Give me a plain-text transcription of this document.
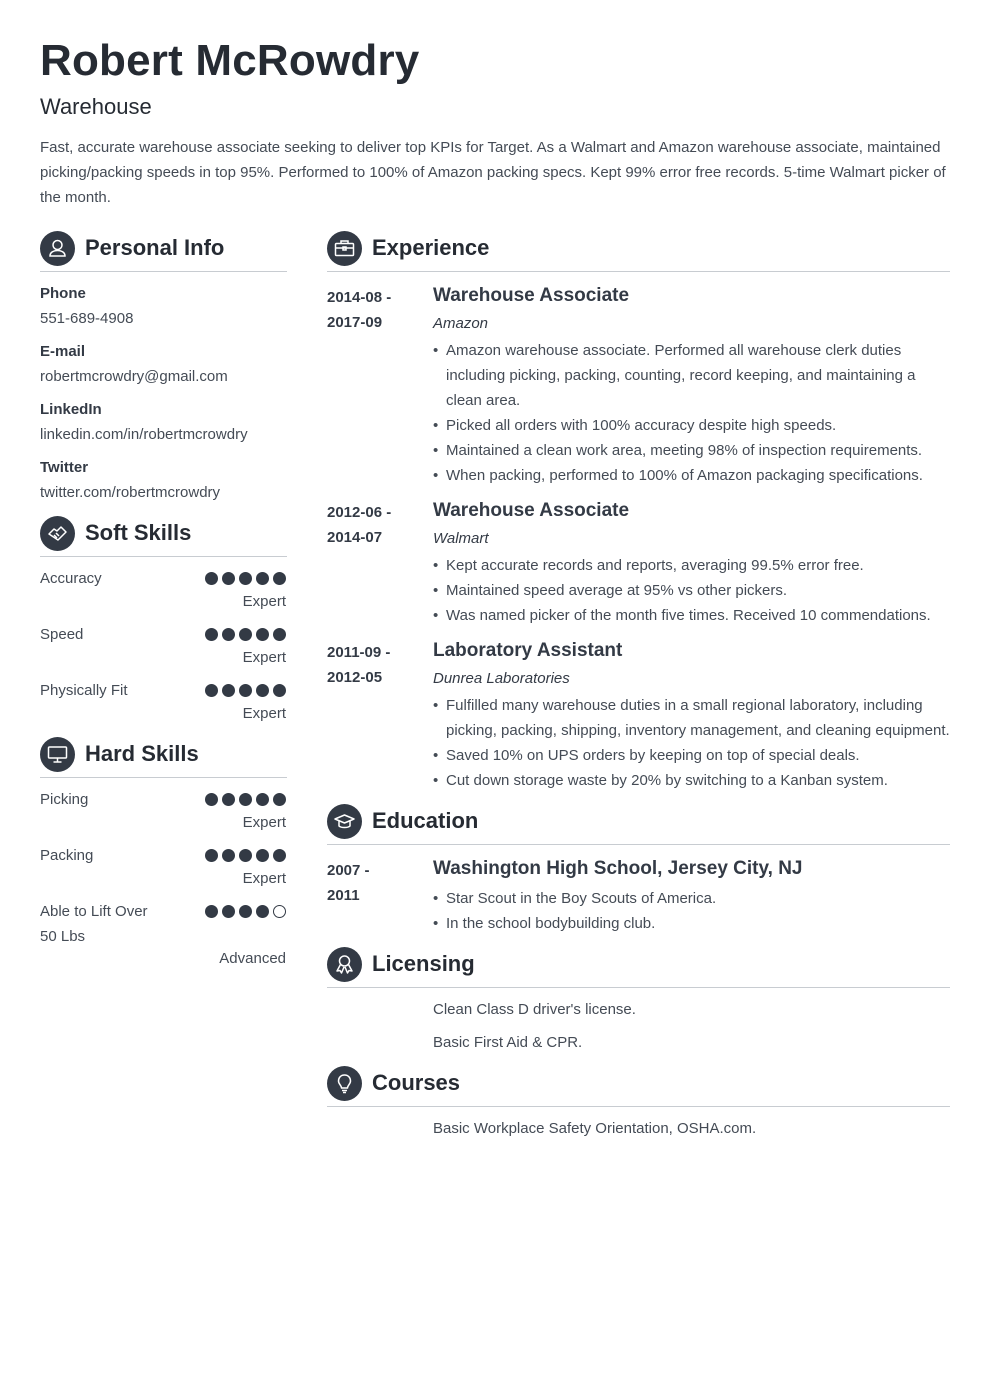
Robert McRowdry
Warehouse

Fast, accurate warehouse associate seeking to deliver top KPIs for Target. As a Walmart and Amazon warehouse associate, maintained picking/packing speeds in top 95%. Performed to 100% of Amazon packing specs. Kept 99% error free records. 5-time Walmart picker of the month.

Personal Info
Phone
551-689-4908
E-mail
robertmcrowdry@gmail.com
LinkedIn
linkedin.com/in/robertmcrowdry
Twitter
twitter.com/robertmcrowdry
Soft Skills
Accuracy
Expert
Speed
Expert
Physically Fit
Expert
Hard Skills
Picking
Expert
Packing
Expert
Able to Lift Over 50 Lbs
Advanced
Experience
2014-08 -
2017-09
Warehouse Associate
Amazon
• Amazon warehouse associate. Performed all warehouse clerk duties including picking, packing, counting, record keeping, and maintaining a clean area.
• Picked all orders with 100% accuracy despite high speeds.
• Maintained a clean work area, meeting 98% of inspection requirements.
• When packing, performed to 100% of Amazon packaging specifications.
2012-06 -
2014-07
Warehouse Associate
Walmart
• Kept accurate records and reports, averaging 99.5% error free.
• Maintained speed average at 95% vs other pickers.
• Was named picker of the month five times. Received 10 commendations.
2011-09 -
2012-05
Laboratory Assistant
Dunrea Laboratories
• Fulfilled many warehouse duties in a small regional laboratory, including picking, packing, shipping, inventory management, and cleaning equipment.
• Saved 10% on UPS orders by keeping on top of special deals.
• Cut down storage waste by 20% by switching to a Kanban system.
Education
2007 -
2011
Washington High School, Jersey City, NJ
• Star Scout in the Boy Scouts of America.
• In the school bodybuilding club.
Licensing
Clean Class D driver's license.
Basic First Aid & CPR.
Courses
Basic Workplace Safety Orientation, OSHA.com.
